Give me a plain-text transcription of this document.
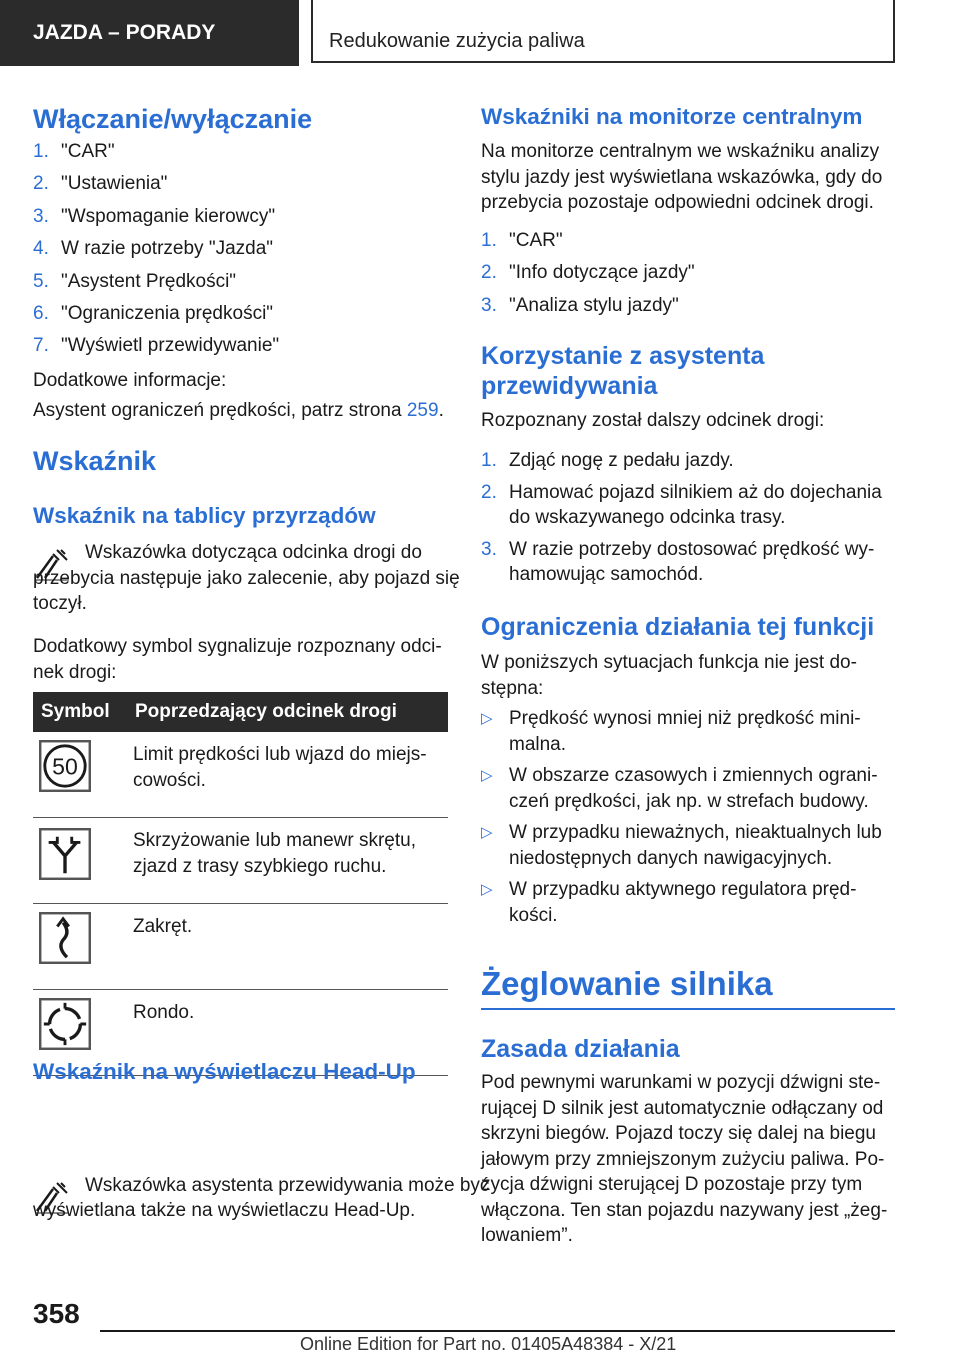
JAZDA – PORADY	Redukowanie zużycia paliwa
Włączanie/wyłączanie
1. "CAR"
2. "Ustawienia"
3. "Wspomaganie kierowcy"
4. W razie potrzeby "Jazda"
5. "Asystent Prędkości"
6. "Ograniczenia prędkości"
7. "Wyświetl przewidywanie"

Dodatkowe informacje:

Asystent ograniczeń prędkości, patrz strona 259.

Wskaźnik
Wskaźnik na tablicy przyrządów

Wskazówka dotycząca odcinka drogi do przebycia następuje jako zalecenie, aby pojazd się toczył.

Dodatkowy symbol sygnalizuje rozpoznany odcinek drogi:

Symbol	Poprzedzający odcinek drogi

50	Limit prędkości lub wjazd do miejscowości.
	Skrzyżowanie lub manewr skrętu, zjazd z trasy szybkiego ruchu.
	Zakręt.
	Rondo.
Wskaźnik na wyświetlaczu Head-Up

Wskazówka asystenta przewidywania może być wyświetlana także na wyświetlaczu Head-Up.

Wskaźniki na monitorze centralnym

Na monitorze centralnym we wskaźniku analizy stylu jazdy jest wyświetlana wskazówka, gdy do przebycia pozostaje odpowiedni odcinek drogi.

1. "CAR"
2. "Info dotyczące jazdy"
3. "Analiza stylu jazdy"
Korzystanie z asystenta przewidywania

Rozpoznany został dalszy odcinek drogi:

1. Zdjąć nogę z pedału jazdy.
2. Hamować pojazd silnikiem aż do dojechania do wskazywanego odcinka trasy.
3. W razie potrzeby dostosować prędkość wyhamowując samochód.
Ograniczenia działania tej funkcji

W poniższych sytuacjach funkcja nie jest dostępna:

▷ Prędkość wynosi mniej niż prędkość minimalna.
▷ W obszarze czasowych i zmiennych ograniczeń prędkości, jak np. w strefach budowy.
▷ W przypadku nieważnych, nieaktualnych lub niedostępnych danych nawigacyjnych.
▷ W przypadku aktywnego regulatora prędkości.
Żeglowanie silnika
Zasada działania

Pod pewnymi warunkami w pozycji dźwigni sterującej D silnik jest automatycznie odłączany od skrzyni biegów. Pojazd toczy się dalej na biegu jałowym przy zmniejszonym zużyciu paliwa. Pozycja dźwigni sterującej D pozostaje przy tym włączona. Ten stan pojazdu nazywany jest „żeglowaniem”.

358
Online Edition for Part no. 01405A48384 - X/21
